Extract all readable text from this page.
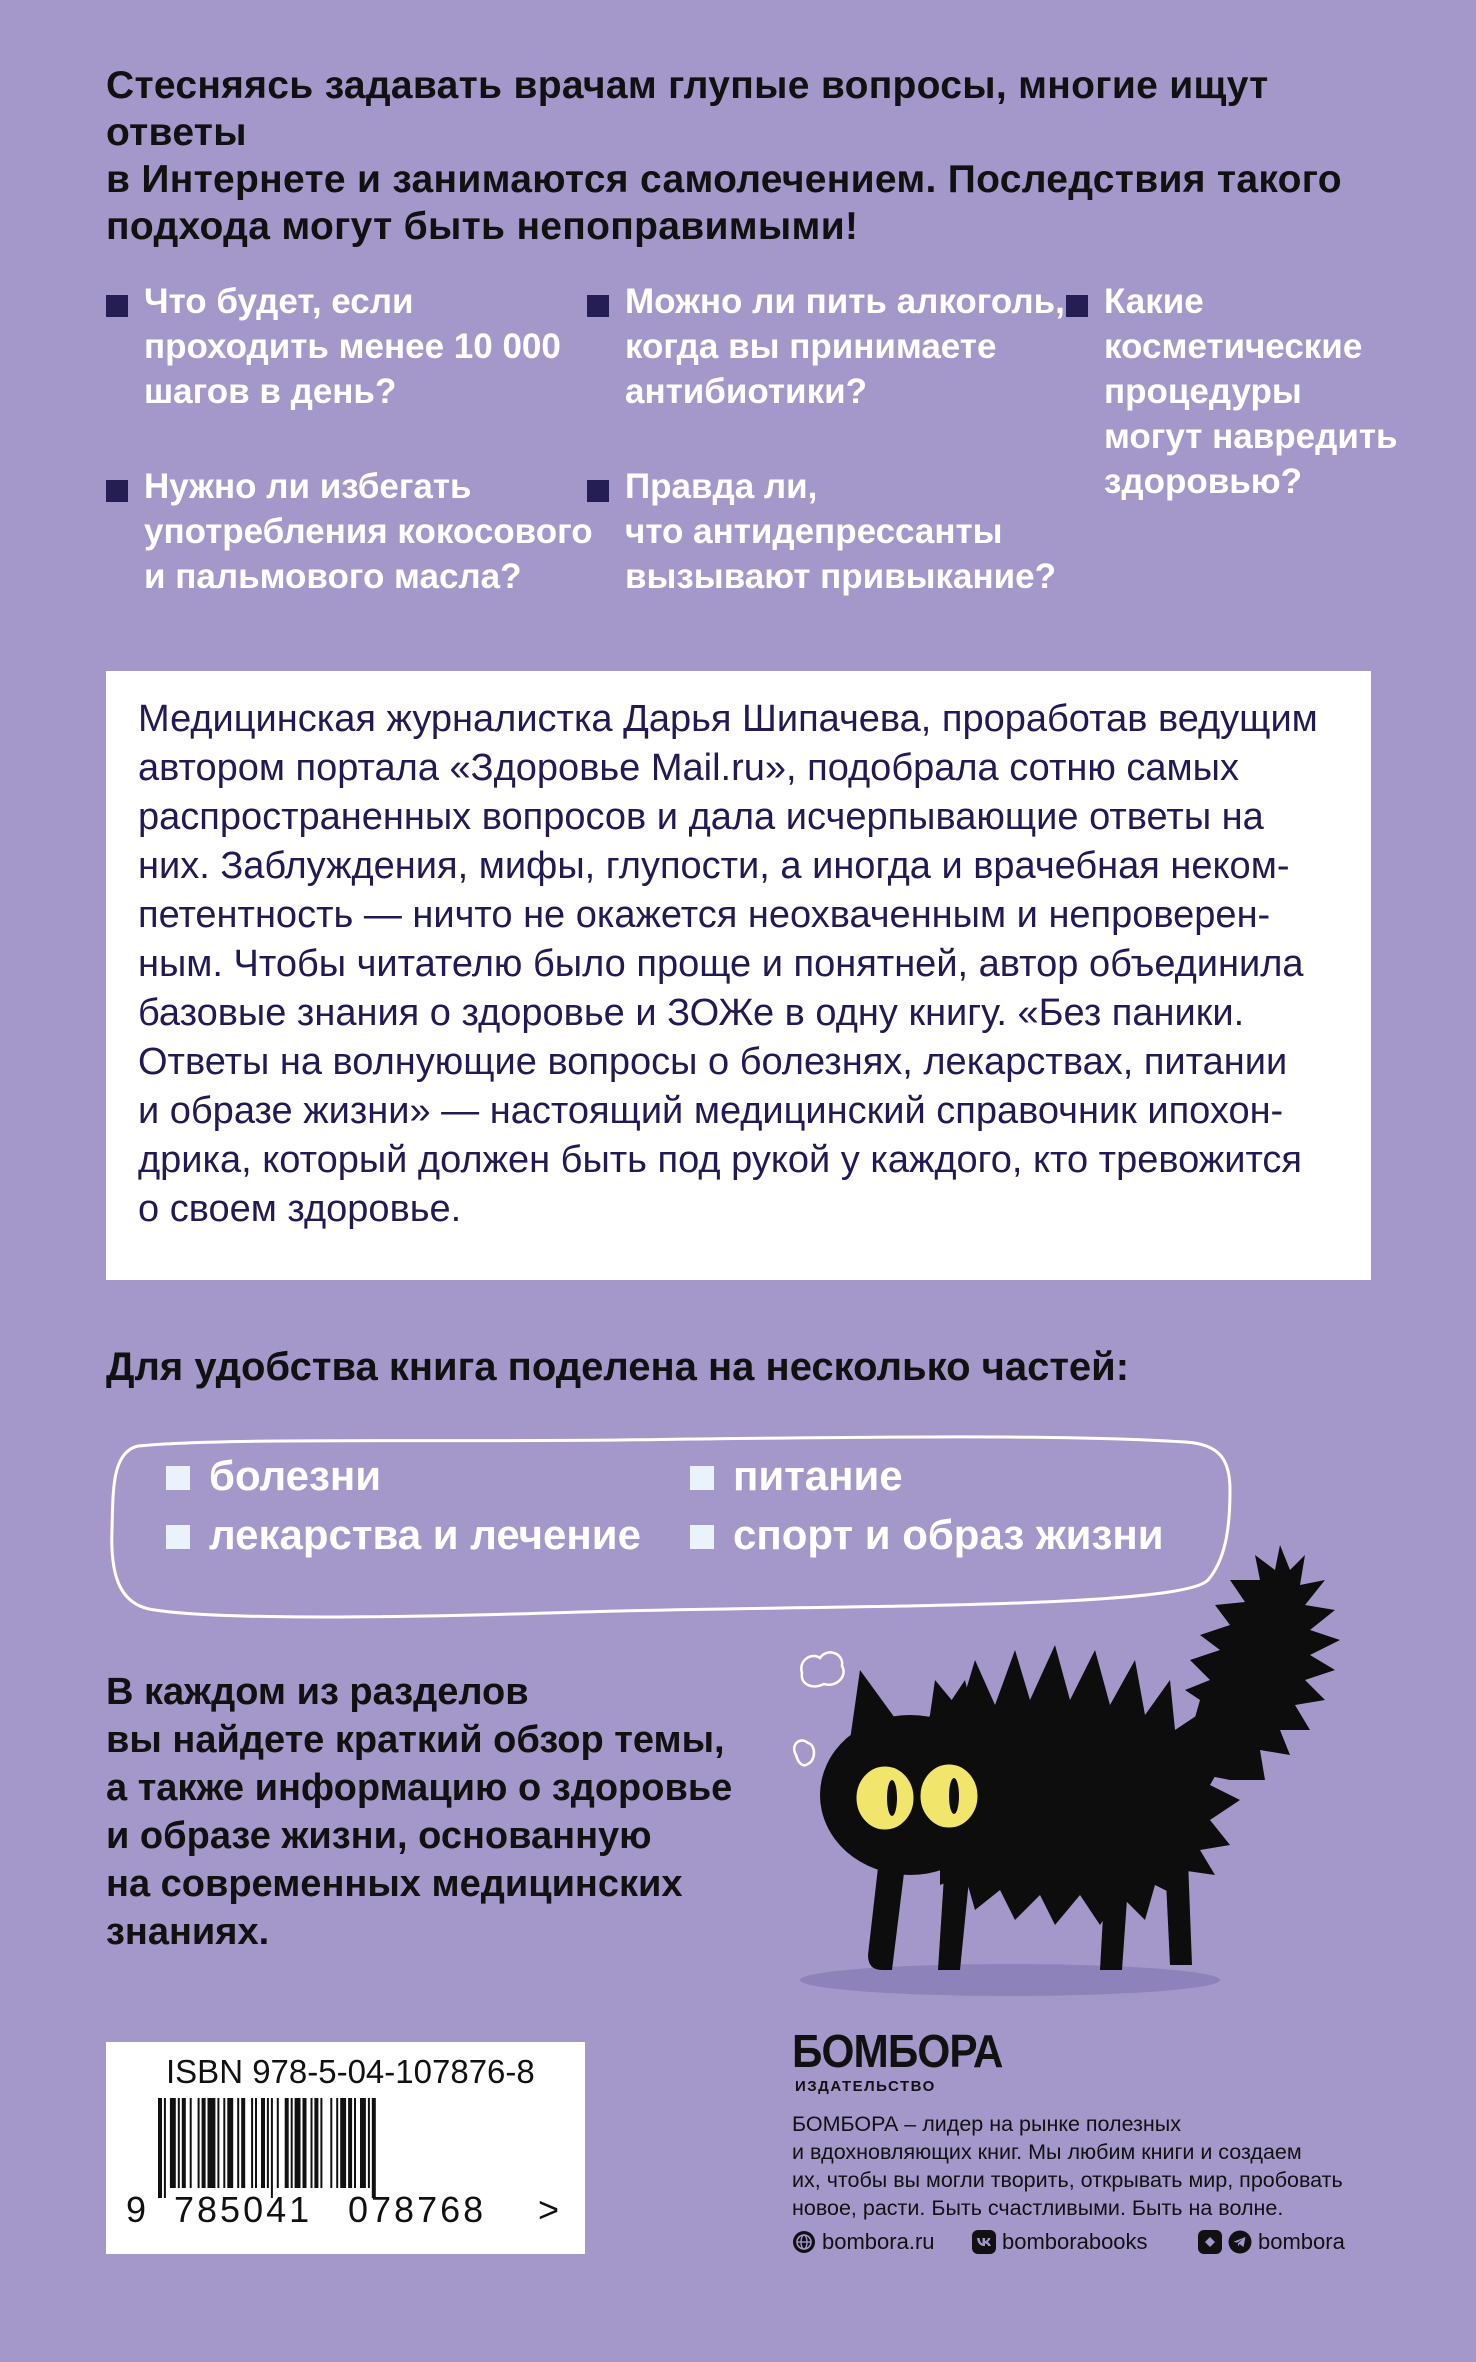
Стесняясь задавать врачам глупые вопросы, многие ищут ответы
в Интернете и занимаются самолечением. Последствия такого
подхода могут быть непоправимыми!
Что будет, если
проходить менее 10 000
шагов в день?
Можно ли пить алкоголь,
когда вы принимаете
антибиотики?
Какие
косметические
процедуры
могут навредить
здоровью?
Нужно ли избегать
употребления кокосового
и пальмового масла?
Правда ли,
что антидепрессанты
вызывают привыкание?
Медицинская журналистка Дарья Шипачева, проработав ведущим
автором портала «Здоровье Mail.ru», подобрала сотню самых
распространенных вопросов и дала исчерпывающие ответы на
них. Заблуждения, мифы, глупости, а иногда и врачебная неком-
петентность — ничто не окажется неохваченным и непроверен-
ным. Чтобы читателю было проще и понятней, автор объединила
базовые знания о здоровье и ЗОЖе в одну книгу. «Без паники.
Ответы на волнующие вопросы о болезнях, лекарствах, питании
и образе жизни» — настоящий медицинский справочник ипохон-
дрика, который должен быть под рукой у каждого, кто тревожится
о своем здоровье.
Для удобства книга поделена на несколько частей:
болезни	питание
лекарства и лечение	спорт и образ жизни
В каждом из разделов
вы найдете краткий обзор темы,
а также информацию о здоровье
и образе жизни, основанную
на современных медицинских
знаниях.
ISBN 978-5-04-107876-8
9 785041 078768 >
БОМБОРА
ИЗДАТЕЛЬСТВО
БОМБОРА – лидер на рынке полезных
и вдохновляющих книг. Мы любим книги и создаем
их, чтобы вы могли творить, открывать мир, пробовать
новое, расти. Быть счастливыми. Быть на волне.
bombora.ru	bomborabooks	bombora
